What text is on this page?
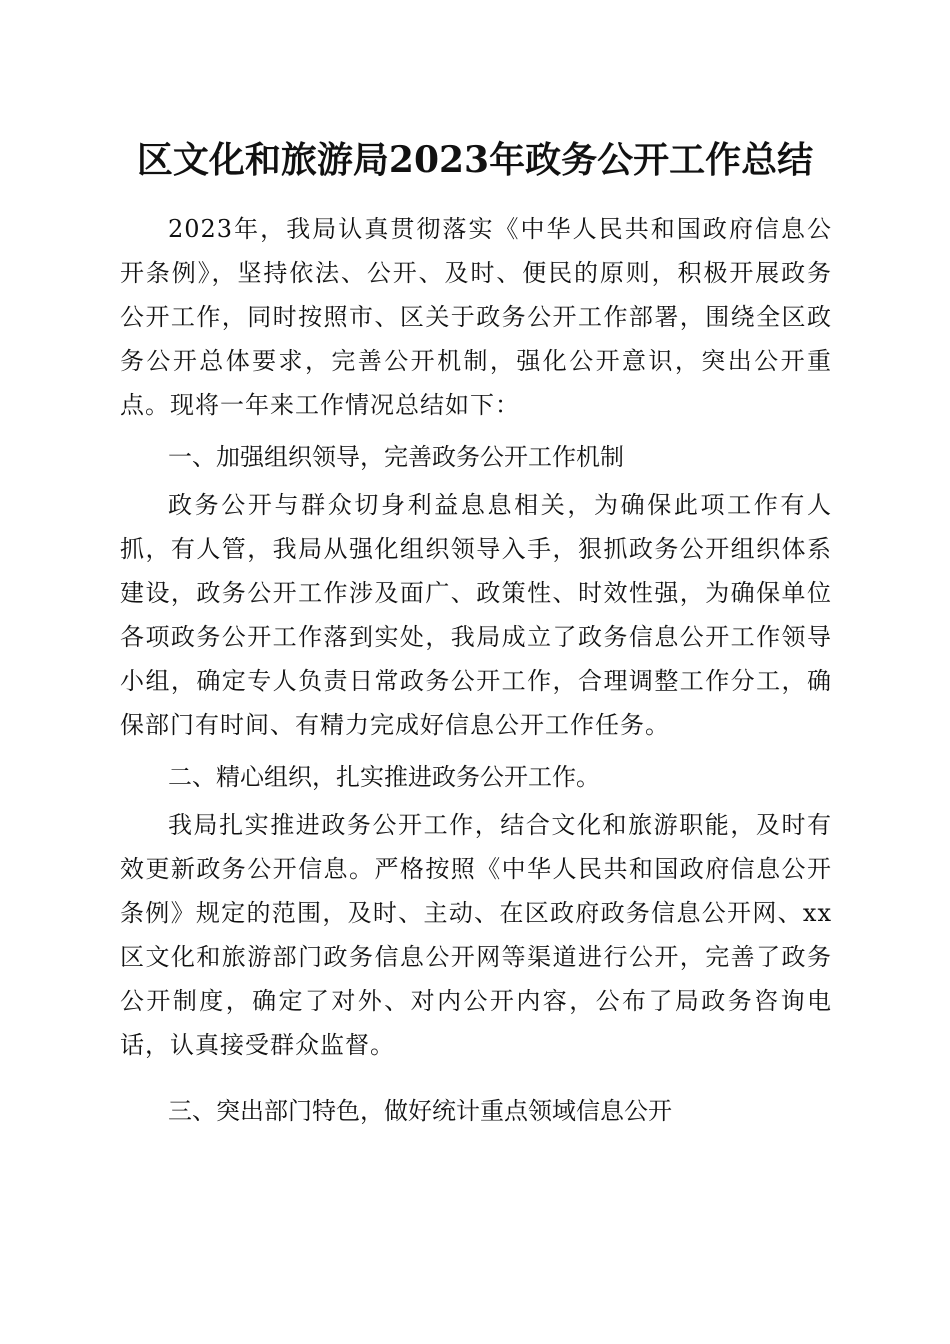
区文化和旅游局2023年政务公开工作总结

2023年，我局认真贯彻落实《中华人民共和国政府信息公开条例》，坚持依法、公开、及时、便民的原则，积极开展政务公开工作，同时按照市、区关于政务公开工作部署，围绕全区政务公开总体要求，完善公开机制，强化公开意识，突出公开重点。现将一年来工作情况总结如下：

一、加强组织领导，完善政务公开工作机制

政务公开与群众切身利益息息相关，为确保此项工作有人抓，有人管，我局从强化组织领导入手，狠抓政务公开组织体系建设，政务公开工作涉及面广、政策性、时效性强，为确保单位各项政务公开工作落到实处，我局成立了政务信息公开工作领导小组，确定专人负责日常政务公开工作，合理调整工作分工，确保部门有时间、有精力完成好信息公开工作任务。

二、精心组织，扎实推进政务公开工作。

我局扎实推进政务公开工作，结合文化和旅游职能，及时有效更新政务公开信息。严格按照《中华人民共和国政府信息公开条例》规定的范围，及时、主动、在区政府政务信息公开网、xx区文化和旅游部门政务信息公开网等渠道进行公开，完善了政务公开制度，确定了对外、对内公开内容，公布了局政务咨询电话，认真接受群众监督。

三、突出部门特色，做好统计重点领域信息公开
